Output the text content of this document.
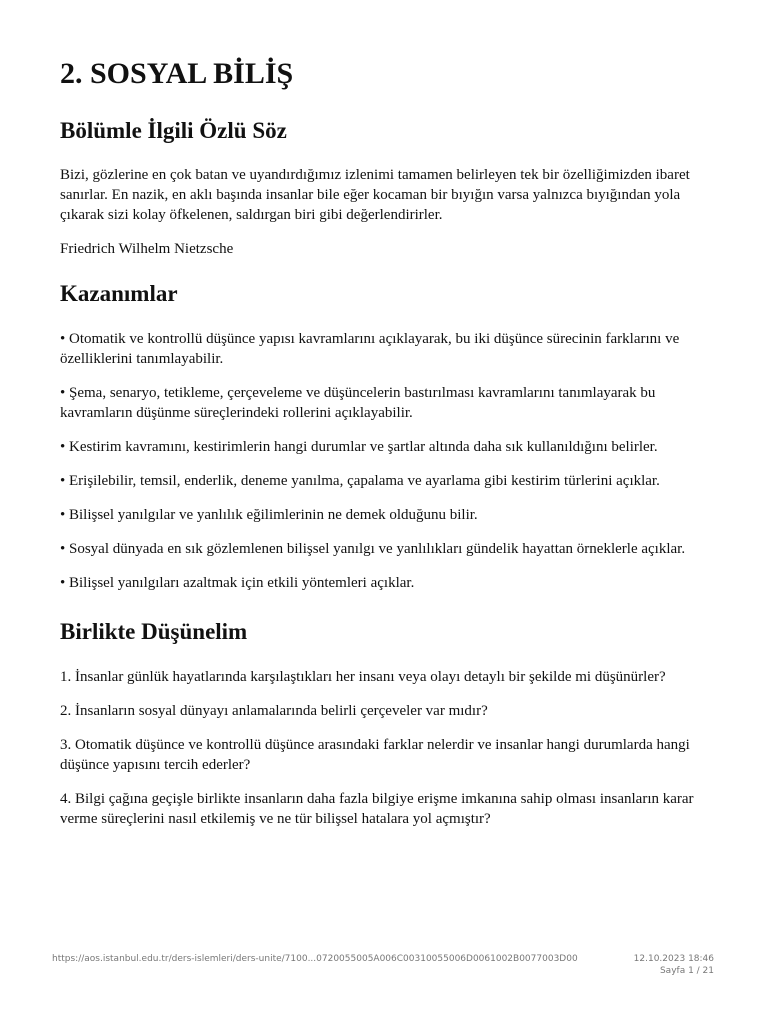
2. SOSYAL BİLİŞ
Bölümle İlgili Özlü Söz

Bizi, gözlerine en çok batan ve uyandırdığımız izlenimi tamamen belirleyen tek bir özelliğimizden ibaret sanırlar. En nazik, en aklı başında insanlar bile eğer kocaman bir bıyığın varsa yalnızca bıyığından yola çıkarak sizi kolay öfkelenen, saldırgan biri gibi değerlendirirler.

Friedrich Wilhelm Nietzsche

Kazanımlar

• Otomatik ve kontrollü düşünce yapısı kavramlarını açıklayarak, bu iki düşünce sürecinin farklarını ve özelliklerini tanımlayabilir.

• Şema, senaryo, tetikleme, çerçeveleme ve düşüncelerin bastırılması kavramlarını tanımlayarak bu kavramların düşünme süreçlerindeki rollerini açıklayabilir.

• Kestirim kavramını, kestirimlerin hangi durumlar ve şartlar altında daha sık kullanıldığını belirler.

• Erişilebilir, temsil, enderlik, deneme yanılma, çapalama ve ayarlama gibi kestirim türlerini açıklar.

• Bilişsel yanılgılar ve yanlılık eğilimlerinin ne demek olduğunu bilir.

• Sosyal dünyada en sık gözlemlenen bilişsel yanılgı ve yanlılıkları gündelik hayattan örneklerle açıklar.

• Bilişsel yanılgıları azaltmak için etkili yöntemleri açıklar.

Birlikte Düşünelim

1. İnsanlar günlük hayatlarında karşılaştıkları her insanı veya olayı detaylı bir şekilde mi düşünürler?

2. İnsanların sosyal dünyayı anlamalarında belirli çerçeveler var mıdır?

3. Otomatik düşünce ve kontrollü düşünce arasındaki farklar nelerdir ve insanlar hangi durumlarda hangi düşünce yapısını tercih ederler?

4. Bilgi çağına geçişle birlikte insanların daha fazla bilgiye erişme imkanına sahip olması insanların karar verme süreçlerini nasıl etkilemiş ve ne tür bilişsel hatalara yol açmıştır?

https://aos.istanbul.edu.tr/ders-islemleri/ders-unite/7100...0720055005A006C00310055006D0061002B0077003D00	12.10.2023 18:46
Sayfa 1 / 21
